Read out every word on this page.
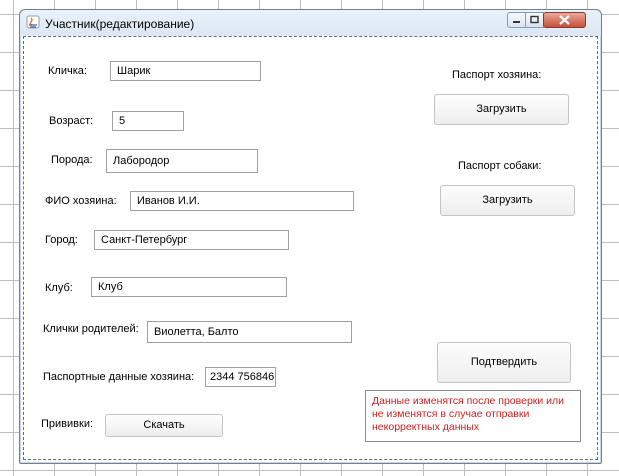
Участник(редактирование)
Кличка:	Шарик
Возраст:	5
Порода:	Лабородор
ФИО хозяина:	Иванов И.И.
Город:	Санкт-Петербург
Клуб:	Клуб
Клички родителей:	Виолетта, Балто
Паспортные данные хозяина:	2344 756846
Прививки:	Скачать
Паспорт хозяина:
Загрузить
Паспорт собаки:
Загрузить
Подтвердить
Данные изменятся после проверки или не изменятся в случае отправки некорректных данных
